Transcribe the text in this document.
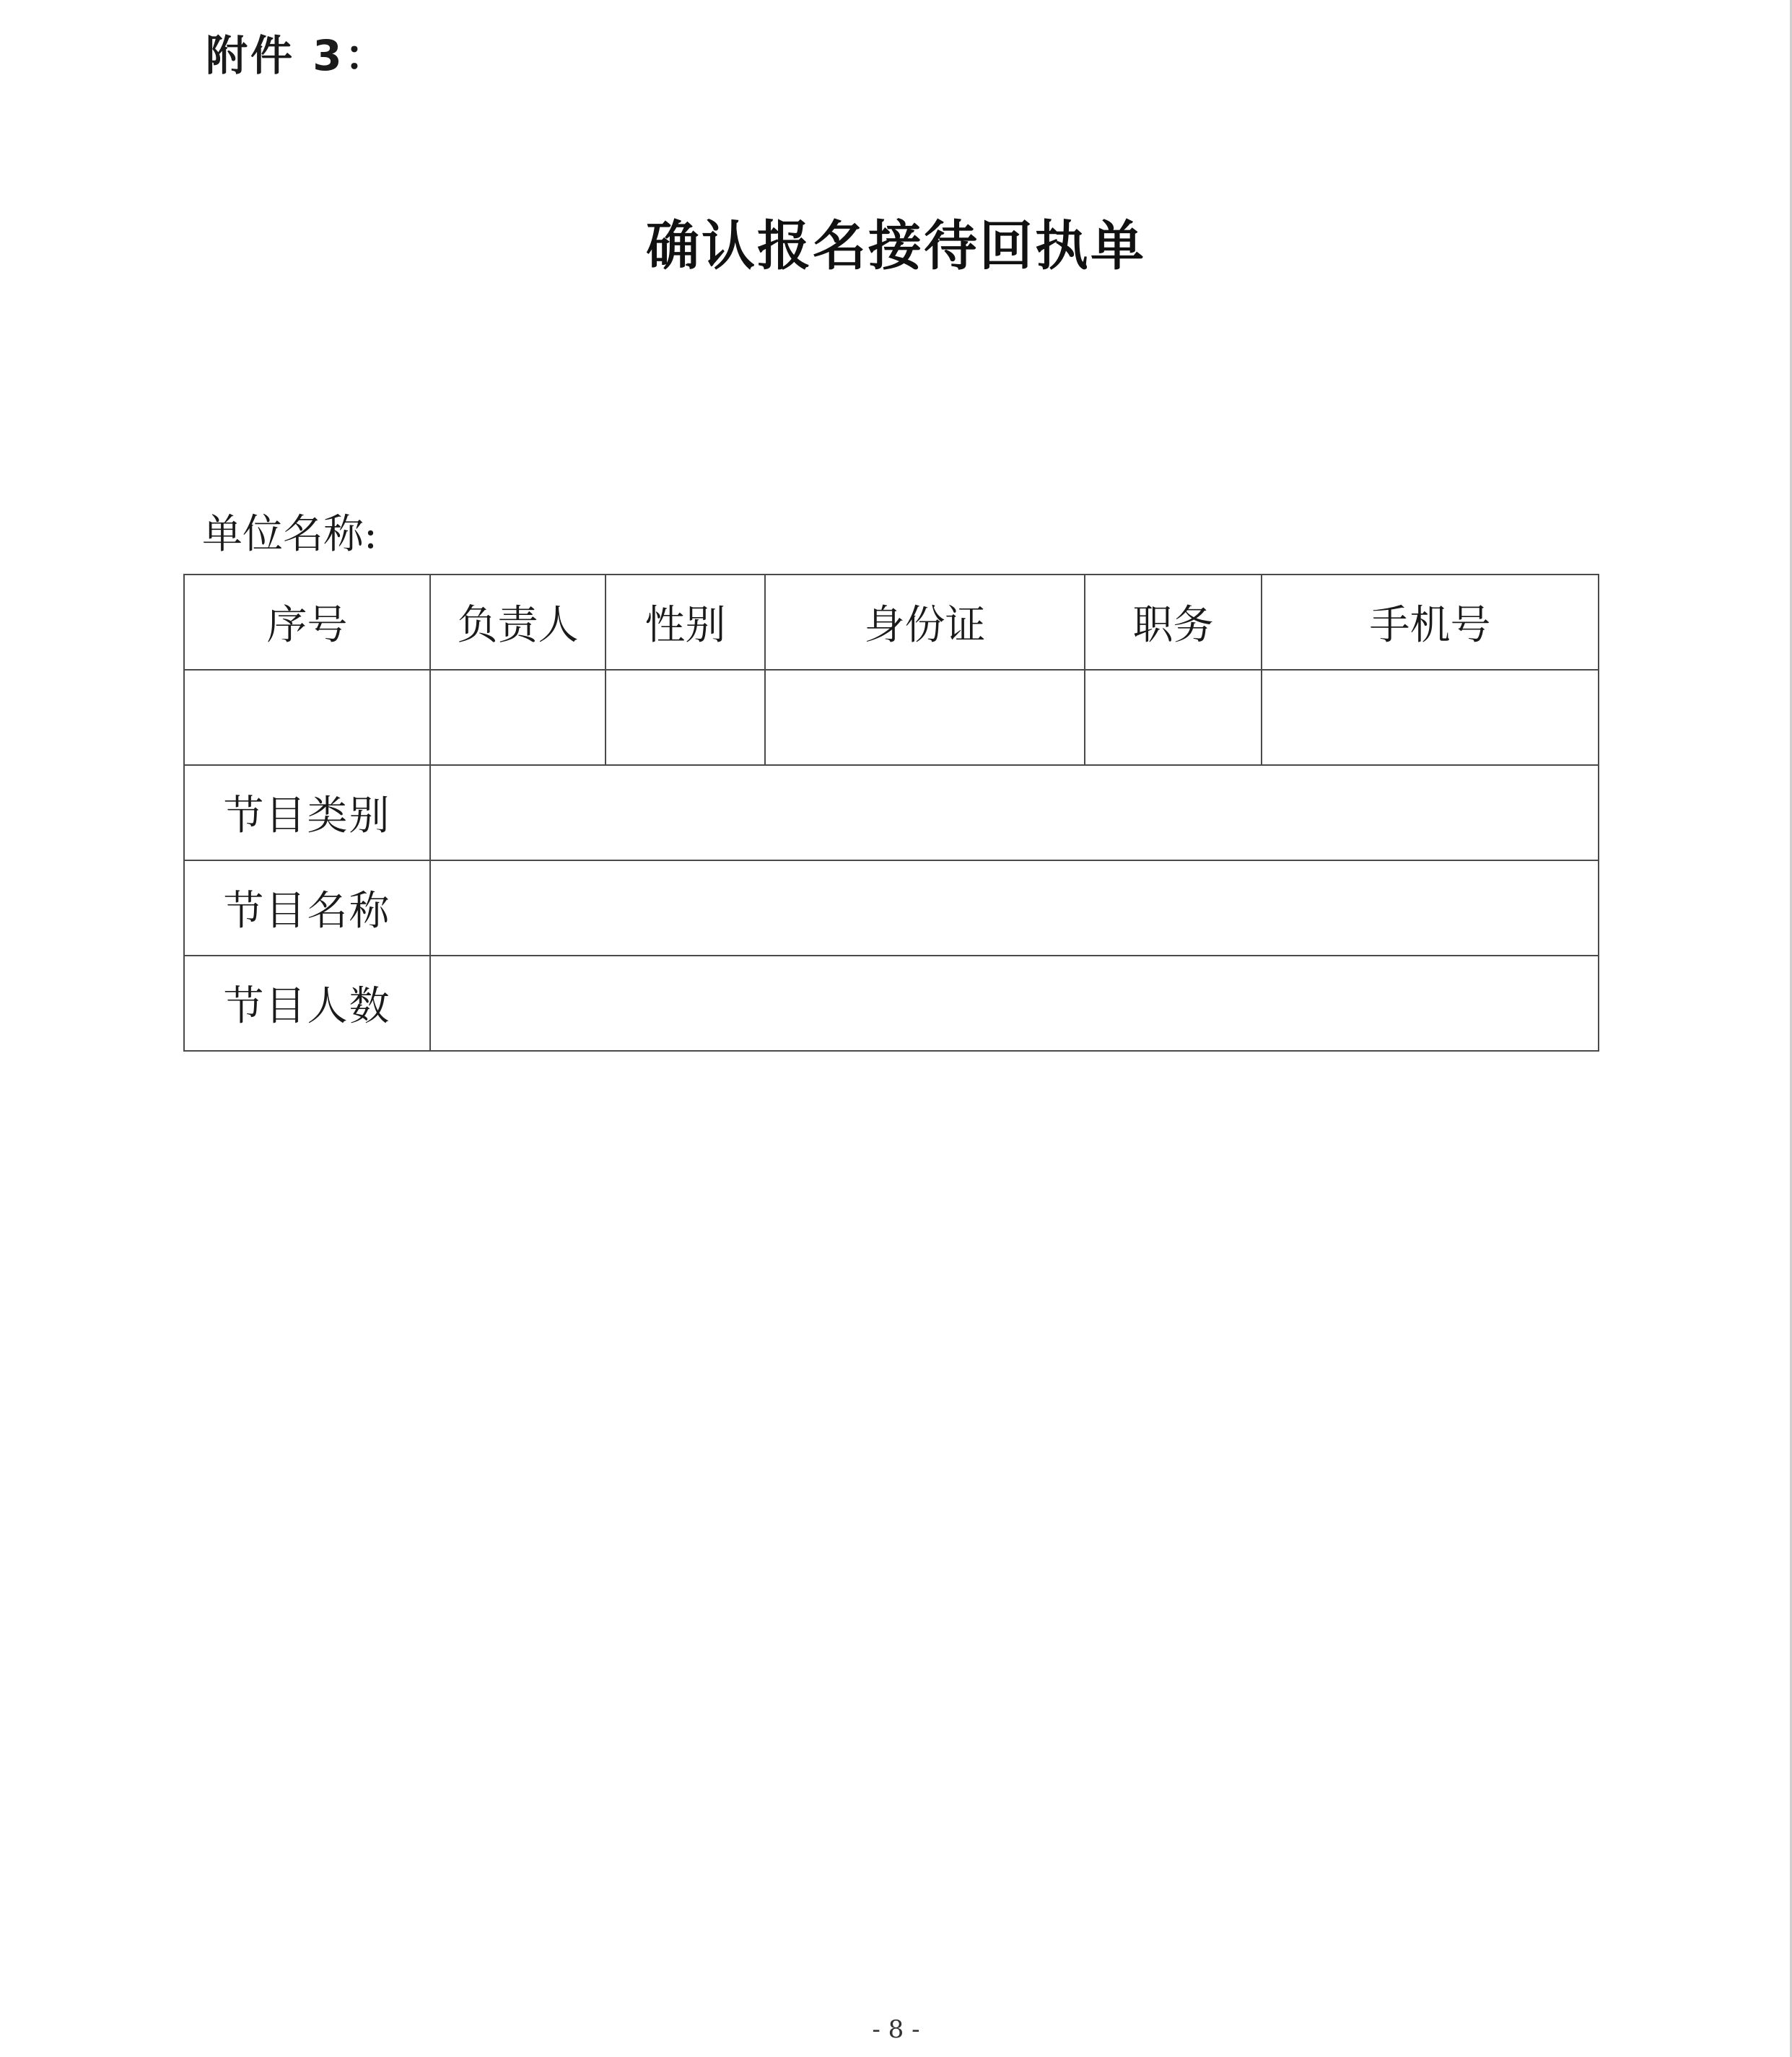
附件 3：
确认报名接待回执单
单位名称:
序号	负责人	性别	身份证	职务	手机号

节目类别					
节目名称					
节目人数					
- 8 -
